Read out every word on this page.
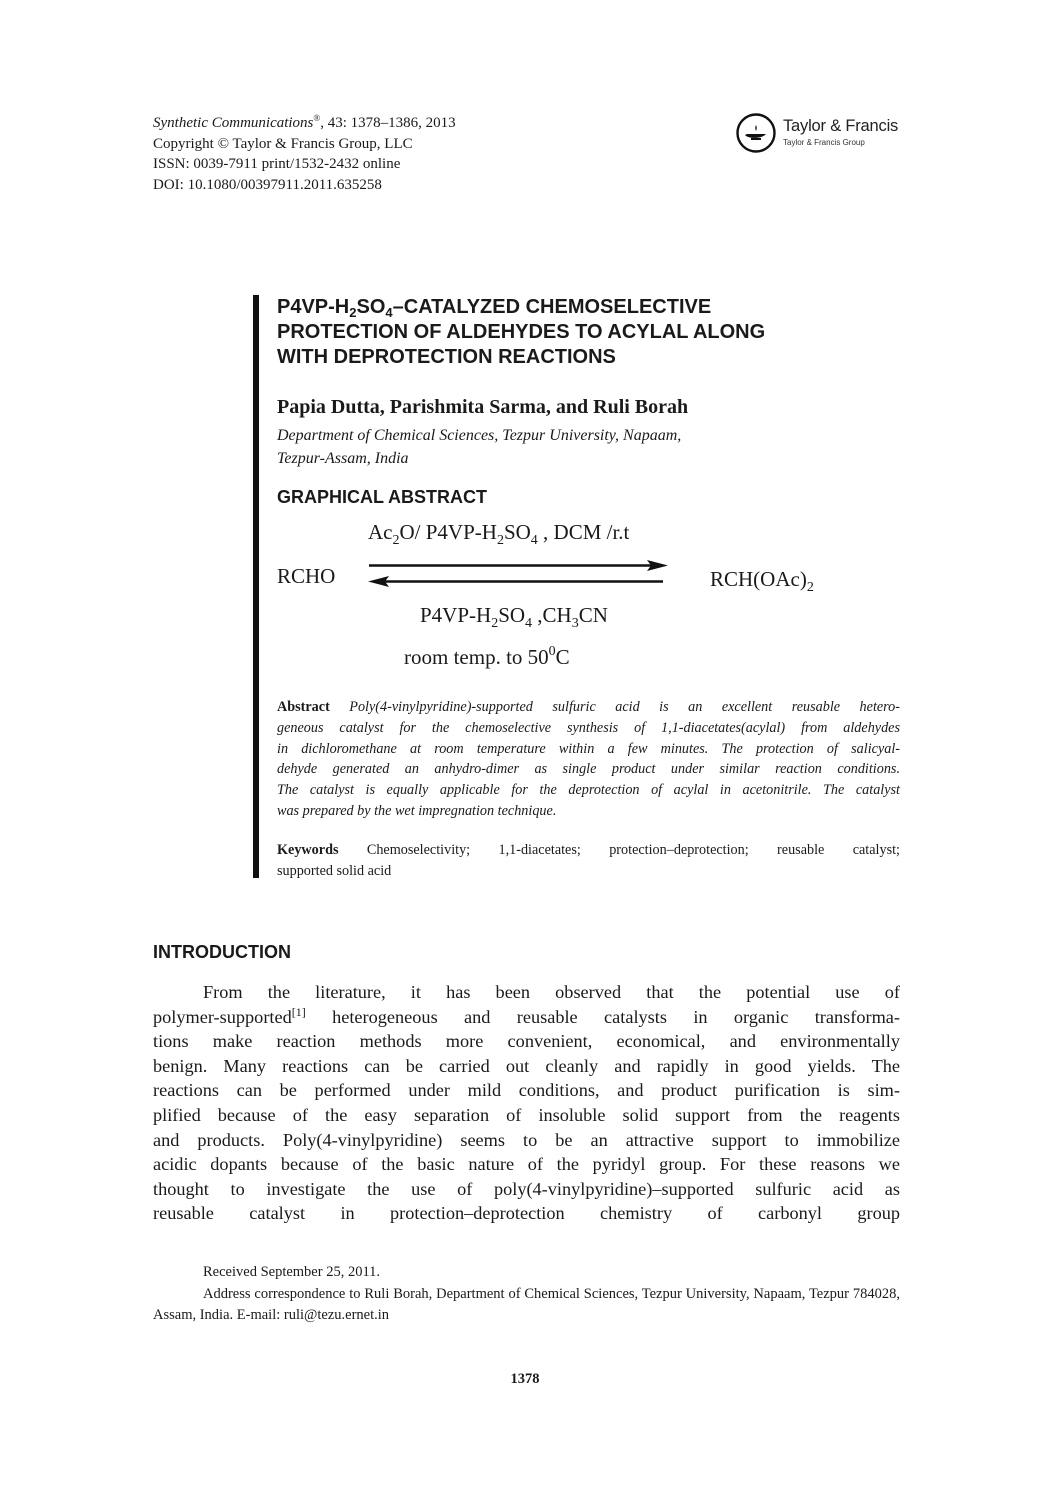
Synthetic Communications®, 43: 1378–1386, 2013
Copyright © Taylor & Francis Group, LLC
ISSN: 0039-7911 print/1532-2432 online
DOI: 10.1080/00397911.2011.635258
Taylor & Francis
Taylor & Francis Group
$P4VP-H_2SO_4$–CATALYZED CHEMOSELECTIVE
PROTECTION OF ALDEHYDES TO ACYLAL ALONG
WITH DEPROTECTION REACTIONS
Papia Dutta, Parishmita Sarma, and Ruli Borah
Department of Chemical Sciences, Tezpur University, Napaam,
Tezpur-Assam, India
GRAPHICAL ABSTRACT
$Ac_2O/$ $P4VP-H_2SO_4$ , DCM /r.t
RCHO	$RCH(OAc)_2$
$P4VP-H_2SO_4$ $,CH_3CN$
room temp. to $50^0C$
Abstract Poly(4-vinylpyridine)-supported sulfuric acid is an excellent reusable hetero-
geneous catalyst for the chemoselective synthesis of 1,1-diacetates(acylal) from aldehydes
in dichloromethane at room temperature within a few minutes. The protection of salicyal-
dehyde generated an anhydro-dimer as single product under similar reaction conditions.
The catalyst is equally applicable for the deprotection of acylal in acetonitrile. The catalyst
was prepared by the wet impregnation technique.
Keywords Chemoselectivity; 1,1-diacetates; protection–deprotection; reusable catalyst;
supported solid acid
INTRODUCTION
From the literature, it has been observed that the potential use of
polymer-supported[1] heterogeneous and reusable catalysts in organic transforma-
tions make reaction methods more convenient, economical, and environmentally
benign. Many reactions can be carried out cleanly and rapidly in good yields. The
reactions can be performed under mild conditions, and product purification is sim-
plified because of the easy separation of insoluble solid support from the reagents
and products. Poly(4-vinylpyridine) seems to be an attractive support to immobilize
acidic dopants because of the basic nature of the pyridyl group. For these reasons we
thought to investigate the use of poly(4-vinylpyridine)–supported sulfuric acid as
reusable catalyst in protection–deprotection chemistry of carbonyl group

Received September 25, 2011.

Address correspondence to Ruli Borah, Department of Chemical Sciences, Tezpur University, Napaam, Tezpur 784028, Assam, India. E-mail: ruli@tezu.ernet.in

1378
